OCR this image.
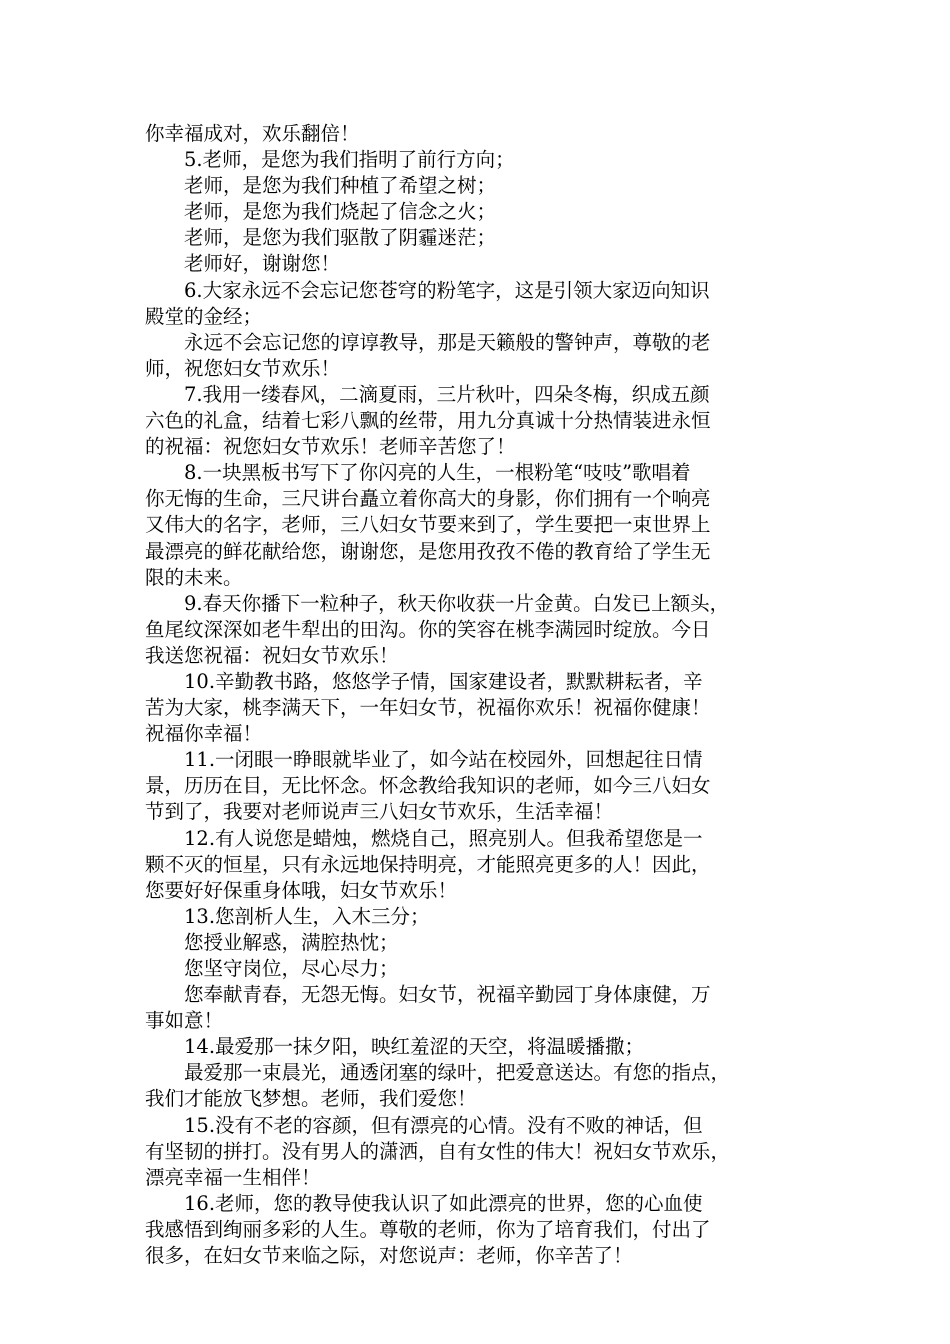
你幸福成对，欢乐翻倍！
5.老师，是您为我们指明了前行方向；
老师，是您为我们种植了希望之树；
老师，是您为我们烧起了信念之火；
老师，是您为我们驱散了阴霾迷茫；
老师好，谢谢您！
6.大家永远不会忘记您苍穹的粉笔字，这是引领大家迈向知识
殿堂的金经；
永远不会忘记您的谆谆教导，那是天籁般的警钟声，尊敬的老
师，祝您妇女节欢乐！
7.我用一缕春风，二滴夏雨，三片秋叶，四朵冬梅，织成五颜
六色的礼盒，结着七彩八飘的丝带，用九分真诚十分热情装进永恒
的祝福：祝您妇女节欢乐！老师辛苦您了！
8.一块黑板书写下了你闪亮的人生，一根粉笔“吱吱”歌唱着
你无悔的生命，三尺讲台矗立着你高大的身影，你们拥有一个响亮
又伟大的名字，老师，三八妇女节要来到了，学生要把一束世界上
最漂亮的鲜花献给您，谢谢您，是您用孜孜不倦的教育给了学生无
限的未来。
9.春天你播下一粒种子，秋天你收获一片金黄。白发已上额头，
鱼尾纹深深如老牛犁出的田沟。你的笑容在桃李满园时绽放。今日
我送您祝福：祝妇女节欢乐！
10.辛勤教书路，悠悠学子情，国家建设者，默默耕耘者，辛
苦为大家，桃李满天下，一年妇女节，祝福你欢乐！祝福你健康！
祝福你幸福！
11.一闭眼一睁眼就毕业了，如今站在校园外，回想起往日情
景，历历在目，无比怀念。怀念教给我知识的老师，如今三八妇女
节到了，我要对老师说声三八妇女节欢乐，生活幸福！
12.有人说您是蜡烛，燃烧自己，照亮别人。但我希望您是一
颗不灭的恒星，只有永远地保持明亮，才能照亮更多的人！因此，
您要好好保重身体哦，妇女节欢乐！
13.您剖析人生，入木三分；
您授业解惑，满腔热忱；
您坚守岗位，尽心尽力；
您奉献青春，无怨无悔。妇女节，祝福辛勤园丁身体康健，万
事如意！
14.最爱那一抹夕阳，映红羞涩的天空，将温暖播撒；
最爱那一束晨光，通透闭塞的绿叶，把爱意送达。有您的指点，
我们才能放飞梦想。老师，我们爱您！
15.没有不老的容颜，但有漂亮的心情。没有不败的神话，但
有坚韧的拼打。没有男人的潇洒，自有女性的伟大！祝妇女节欢乐，
漂亮幸福一生相伴！
16.老师，您的教导使我认识了如此漂亮的世界，您的心血使
我感悟到绚丽多彩的人生。尊敬的老师，你为了培育我们，付出了
很多，在妇女节来临之际，对您说声：老师，你辛苦了！
